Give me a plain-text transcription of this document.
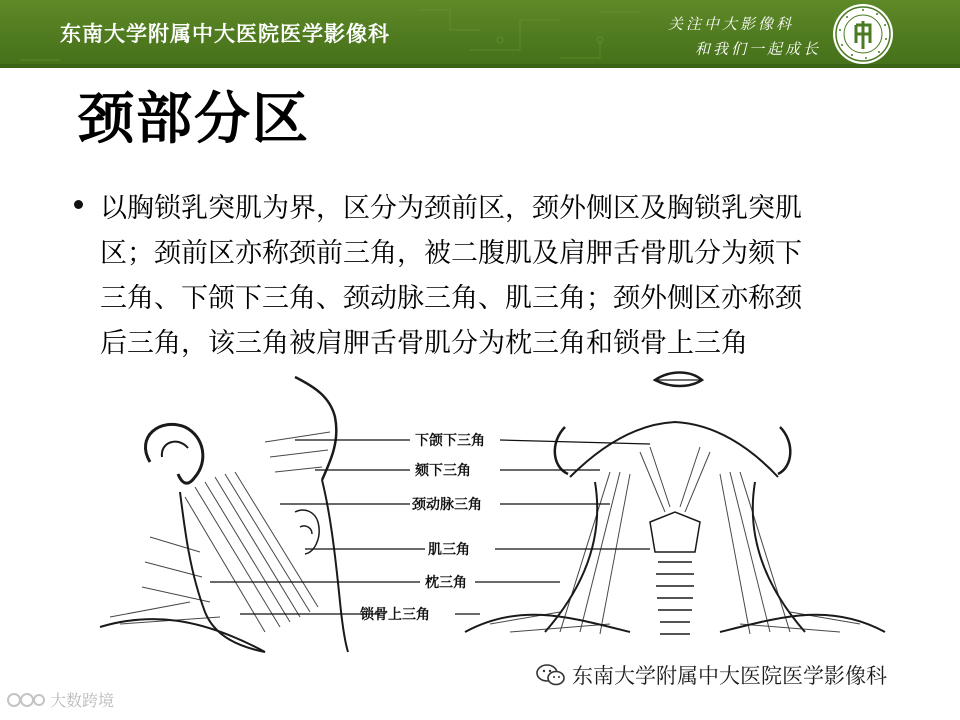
东南大学附属中大医院医学影像科	关注中大影像科
和我们一起成长
颈部分区

以胸锁乳突肌为界，区分为颈前区，颈外侧区及胸锁乳突肌
区；颈前区亦称颈前三角，被二腹肌及肩胛舌骨肌分为颏下
三角、下颌下三角、颈动脉三角、肌三角；颈外侧区亦称颈
后三角，该三角被肩胛舌骨肌分为枕三角和锁骨上三角

下颌下三角
颏下三角
颈动脉三角
肌三角
枕三角
锁骨上三角
东南大学附属中大医院医学影像科
大数跨境
